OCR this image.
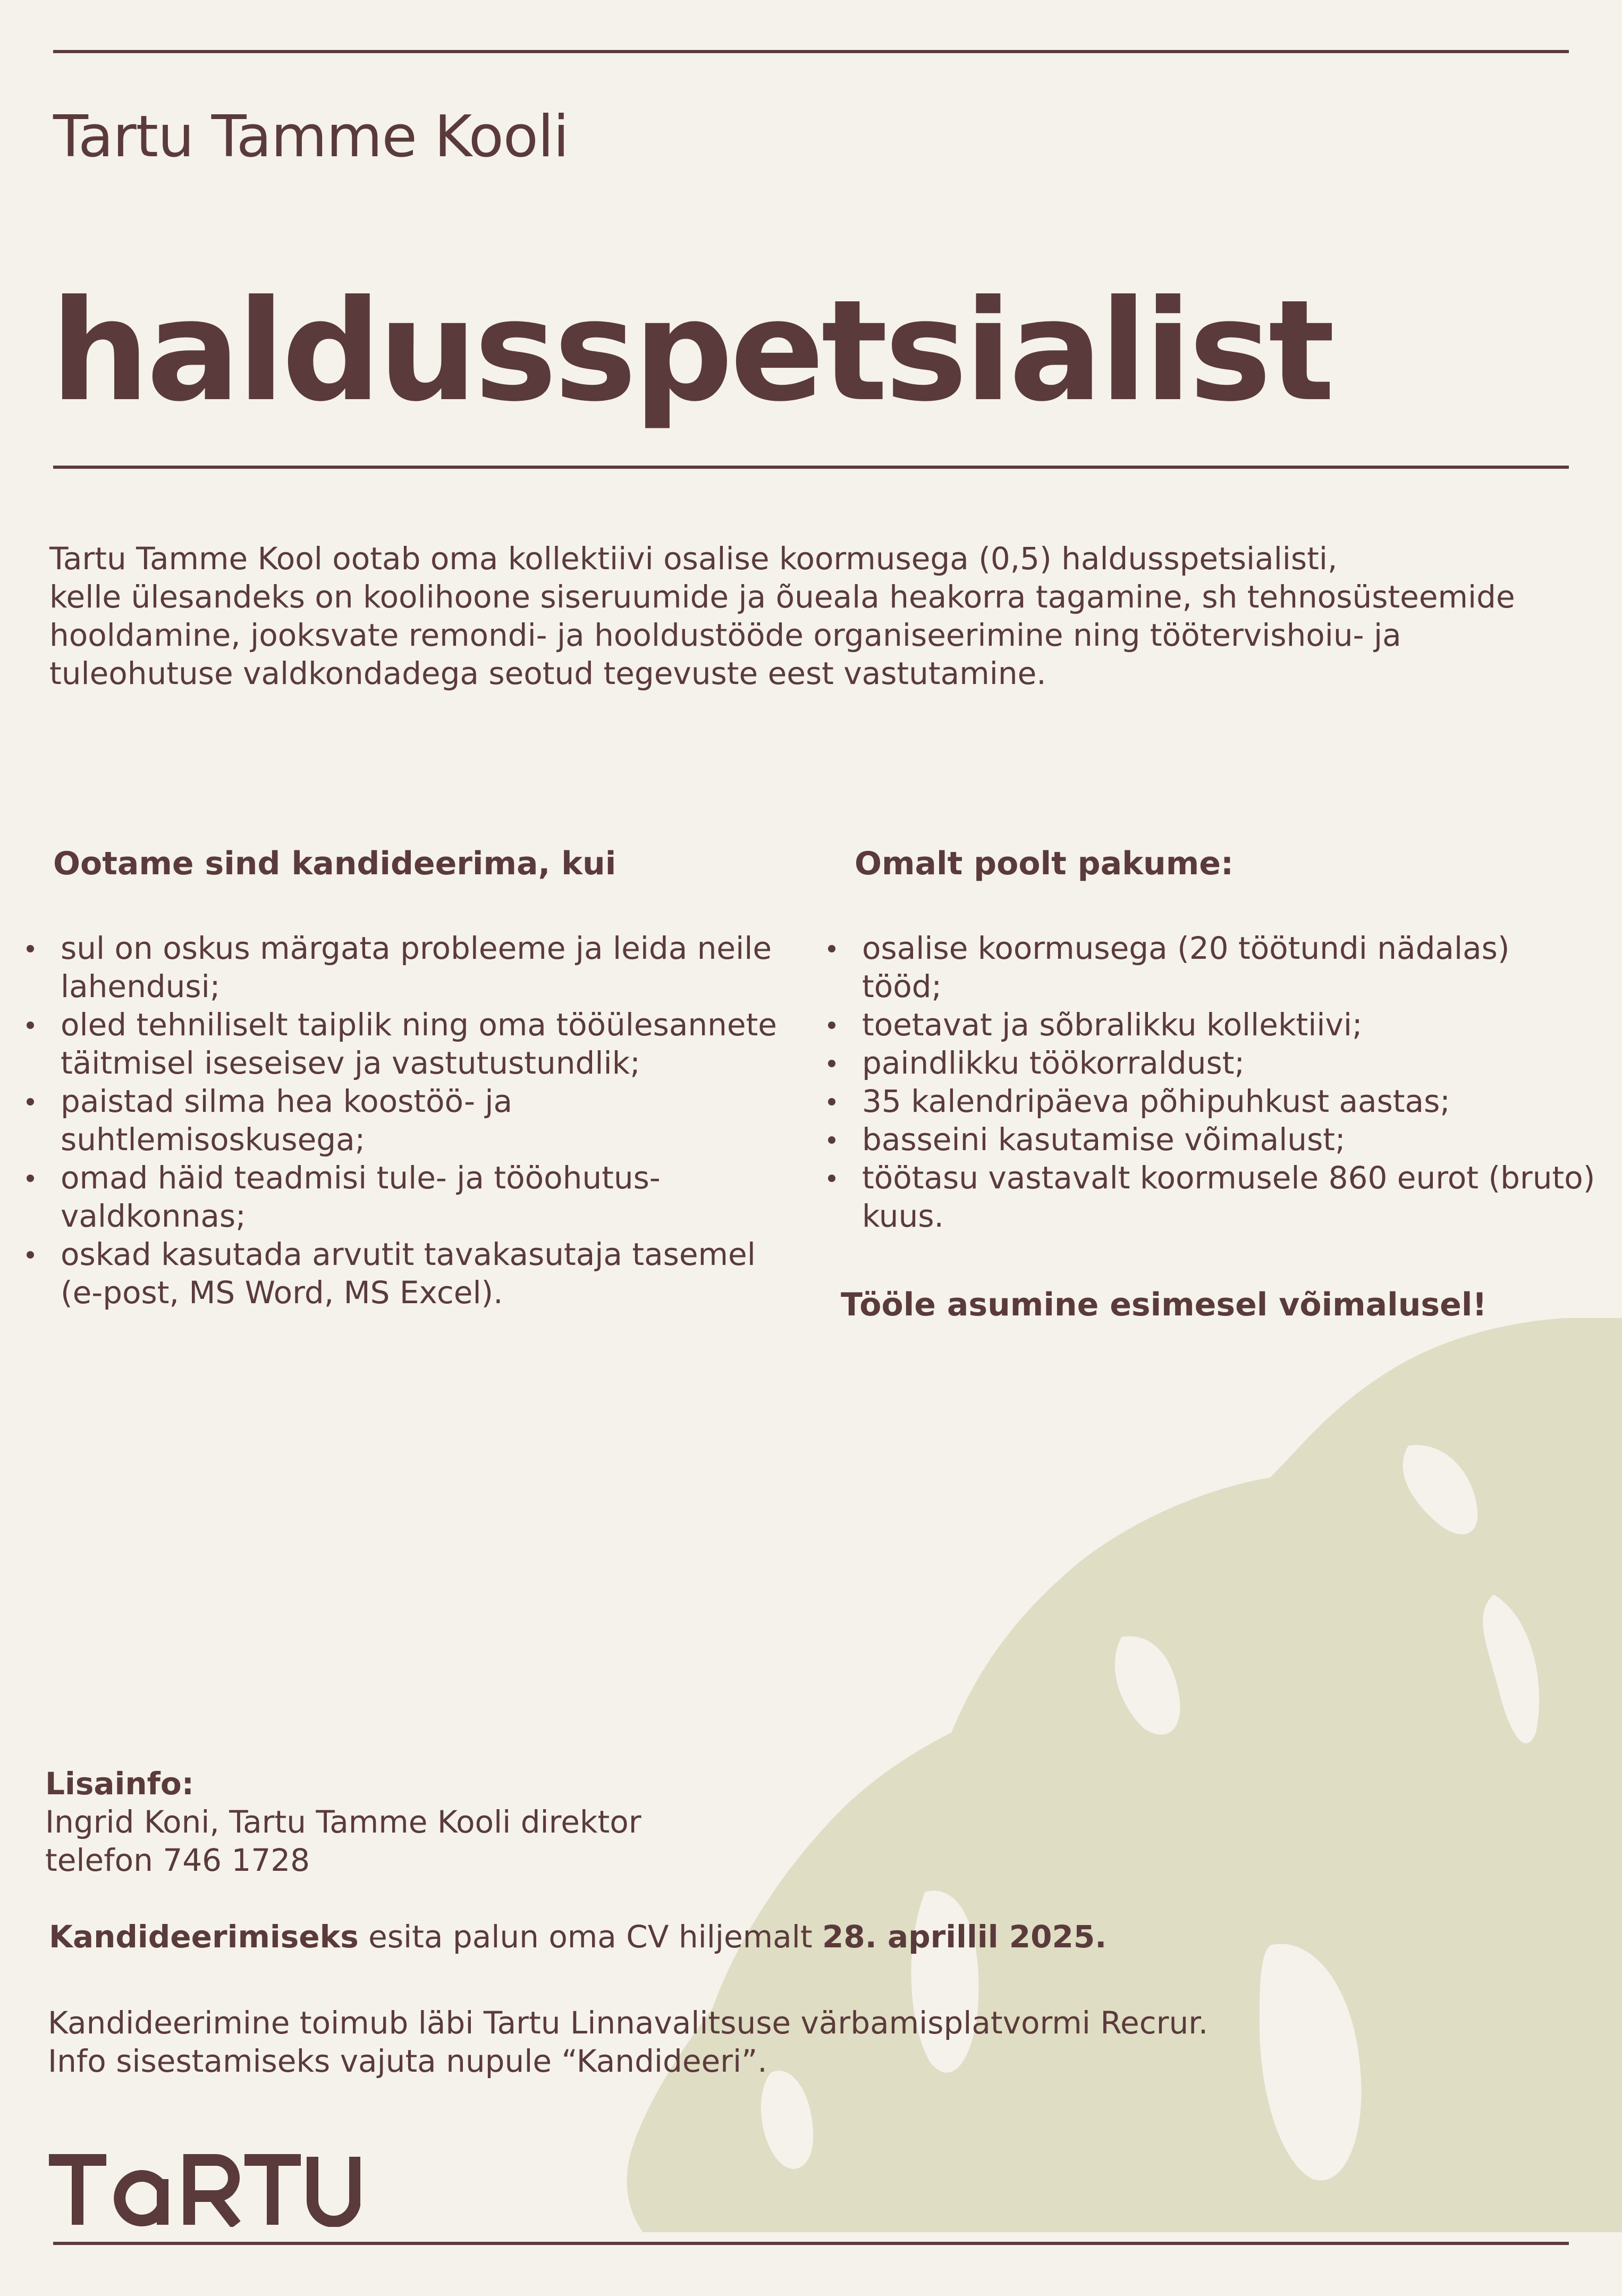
Tartu Tamme Kooli
haldusspetsialist
Tartu Tamme Kool ootab oma kollektiivi osalise koormusega (0,5) haldusspetsialisti,
kelle ülesandeks on koolihoone siseruumide ja õueala heakorra tagamine, sh tehnosüsteemide
hooldamine, jooksvate remondi- ja hooldustööde organiseerimine ning töötervishoiu- ja
tuleohutuse valdkondadega seotud tegevuste eest vastutamine.

Ootame sind kandideerima, kui

sul on oskus märgata probleeme ja leida neile
lahendusi;
oled tehniliselt taiplik ning oma tööülesannete
täitmisel iseseisev ja vastutustundlik;
paistad silma hea koostöö- ja
suhtlemisoskusega;
omad häid teadmisi tule- ja tööohutus-
valdkonnas;
oskad kasutada arvutit tavakasutaja tasemel
(e-post, MS Word, MS Excel).

Omalt poolt pakume:

osalise koormusega (20 töötundi nädalas)
tööd;
toetavat ja sõbralikku kollektiivi;
paindlikku töökorraldust;
35 kalendripäeva põhipuhkust aastas;
basseini kasutamise võimalust;
töötasu vastavalt koormusele 860 eurot (bruto)
kuus.
Tööle asumine esimesel võimalusel!
Lisainfo:
Ingrid Koni, Tartu Tamme Kooli direktor
telefon 746 1728
Kandideerimiseks esita palun oma CV hiljemalt 28. aprillil 2025.
Kandideerimine toimub läbi Tartu Linnavalitsuse värbamisplatvormi Recrur.
Info sisestamiseks vajuta nupule “Kandideeri”.
